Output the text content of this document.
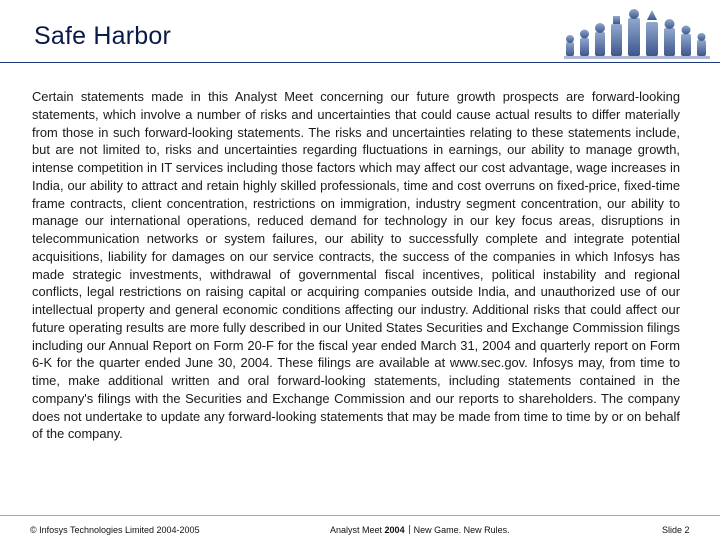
Safe Harbor
Certain statements made in this Analyst Meet concerning our future growth prospects are forward-looking statements, which involve a number of risks and uncertainties that could cause actual results to differ materially from those in such forward-looking statements. The risks and uncertainties relating to these statements include, but are not limited to, risks and uncertainties regarding fluctuations in earnings, our ability to manage growth, intense competition in IT services including those factors which may affect our cost advantage, wage increases in India, our ability to attract and retain highly skilled professionals, time and cost overruns on fixed-price, fixed-time frame contracts, client concentration, restrictions on immigration, industry segment concentration, our ability to manage our international operations, reduced demand for technology in our key focus areas, disruptions in telecommunication networks or system failures, our ability to successfully complete and integrate potential acquisitions, liability for damages on our service contracts, the success of the companies in which Infosys has made strategic investments, withdrawal of governmental fiscal incentives, political instability and regional conflicts, legal restrictions on raising capital or acquiring companies outside India, and unauthorized use of our intellectual property and general economic conditions affecting our industry. Additional risks that could affect our future operating results are more fully described in our United States Securities and Exchange Commission filings including our Annual Report on Form 20-F for the fiscal year ended March 31, 2004 and quarterly report on Form 6-K for the quarter ended June 30, 2004. These filings are available at www.sec.gov. Infosys may, from time to time, make additional written and oral forward-looking statements, including statements contained in the company's filings with the Securities and Exchange Commission and our reports to shareholders. The company does not undertake to update any forward-looking statements that may be made from time to time by or on behalf of the company.
© Infosys Technologies Limited 2004-2005	Analyst Meet 2004 New Game. New Rules.	Slide 2
